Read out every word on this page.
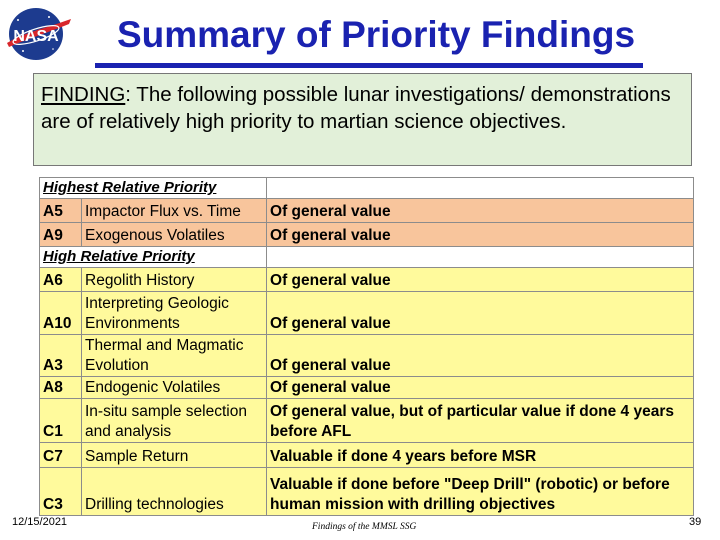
NASA	Summary of Priority Findings
FINDING: The following possible lunar investigations/ demonstrations are of relatively high priority to martian science objectives.
Highest Relative Priority		
A5	Impactor Flux vs. Time	Of general value
A9	Exogenous Volatiles	Of general value
High Relative Priority		
A6	Regolith History	Of general value
A10	Interpreting Geologic Environments	Of general value
A3	Thermal and Magmatic Evolution	Of general value
A8	Endogenic Volatiles	Of general value
C1	In-situ sample selection and analysis	Of general value, but of particular value if done 4 years before AFL
C7	Sample Return	Valuable if done 4 years before MSR
C3	Drilling technologies	Valuable if done before "Deep Drill" (robotic) or before human mission with drilling objectives
12/15/2021	Findings of the MMSL SSG	39
